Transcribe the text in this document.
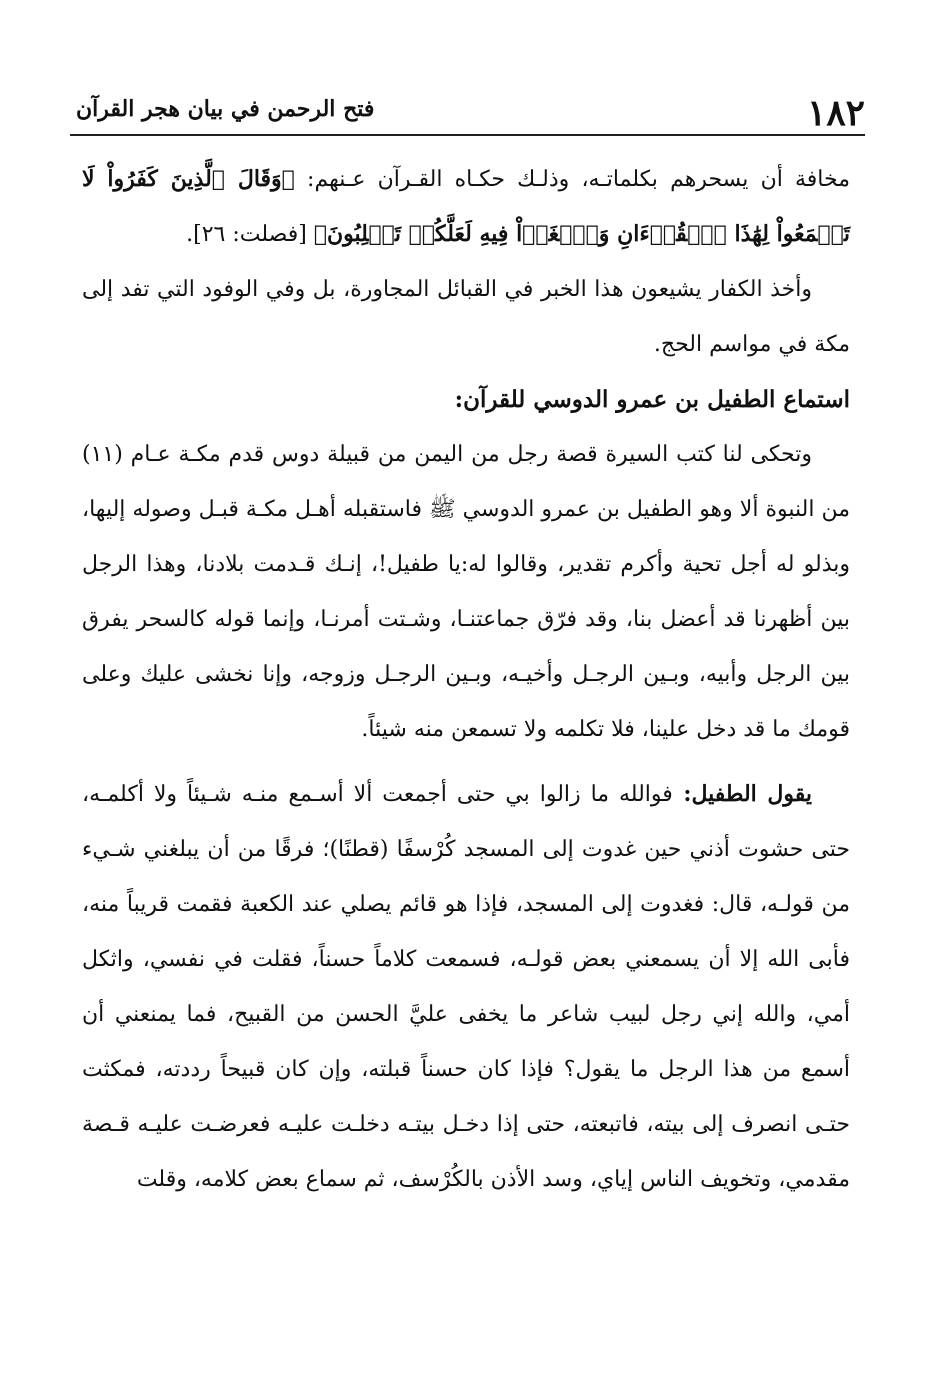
١٨٢
فتح الرحمن في بيان هجر القرآن

مخافة أن يسحرهم بكلماتـه، وذلـك حكـاه القـرآن عـنهم: ﴿وَقَالَ ٱلَّذِينَ كَفَرُواْ لَا تَسۡمَعُواْ لِهَٰذَا ٱلۡقُرۡءَانِ وَٱلۡغَوۡاْ فِيهِ لَعَلَّكُمۡ تَغۡلِبُونَ﴾ [فصلت: ٢٦].

وأخذ الكفار يشيعون هذا الخبر في القبائل المجاورة، بل وفي الوفود التي تفد إلى مكة في مواسم الحج.

استماع الطفيل بن عمرو الدوسي للقرآن:

وتحكى لنا كتب السيرة قصة رجل من اليمن من قبيلة دوس قدم مكـة عـام (١١) من النبوة ألا وهو الطفيل بن عمرو الدوسي ﷺ فاستقبله أهـل مكـة قبـل وصوله إليها، وبذلو له أجل تحية وأكرم تقدير، وقالوا له:يا طفيل!، إنـك قـدمت بلادنا، وهذا الرجل بين أظهرنا قد أعضل بنا، وقد فرّق جماعتنـا، وشـتت أمرنـا، وإنما قوله كالسحر يفرق بين الرجل وأبيه، وبـين الرجـل وأخيـه، وبـين الرجـل وزوجه، وإنا نخشى عليك وعلى قومك ما قد دخل علينا، فلا تكلمه ولا تسمعن منه شيئاً.

يقول الطفيل: فوالله ما زالوا بي حتى أجمعت ألا أسـمع منـه شـيئاً ولا أكلمـه، حتى حشوت أذني حين غدوت إلى المسجد كُرْسفًا (قطنًا)؛ فرقًا من أن يبلغني شـيء من قولـه، قال: فغدوت إلى المسجد، فإذا هو قائم يصلي عند الكعبة فقمت قريباً منه، فأبى الله إلا أن يسمعني بعض قولـه، فسمعت كلاماً حسناً، فقلت في نفسي، واثكل أمي، والله إني رجل لبيب شاعر ما يخفى عليَّ الحسن من القبيح، فما يمنعني أن أسمع من هذا الرجل ما يقول؟ فإذا كان حسناً قبلته، وإن كان قبيحاً رددته، فمكثت حتـى انصرف إلى بيته، فاتبعته، حتى إذا دخـل بيتـه دخلـت عليـه فعرضـت عليـه قـصة مقدمي، وتخويف الناس إياي، وسد الأذن بالكُرْسف، ثم سماع بعض كلامه، وقلت
